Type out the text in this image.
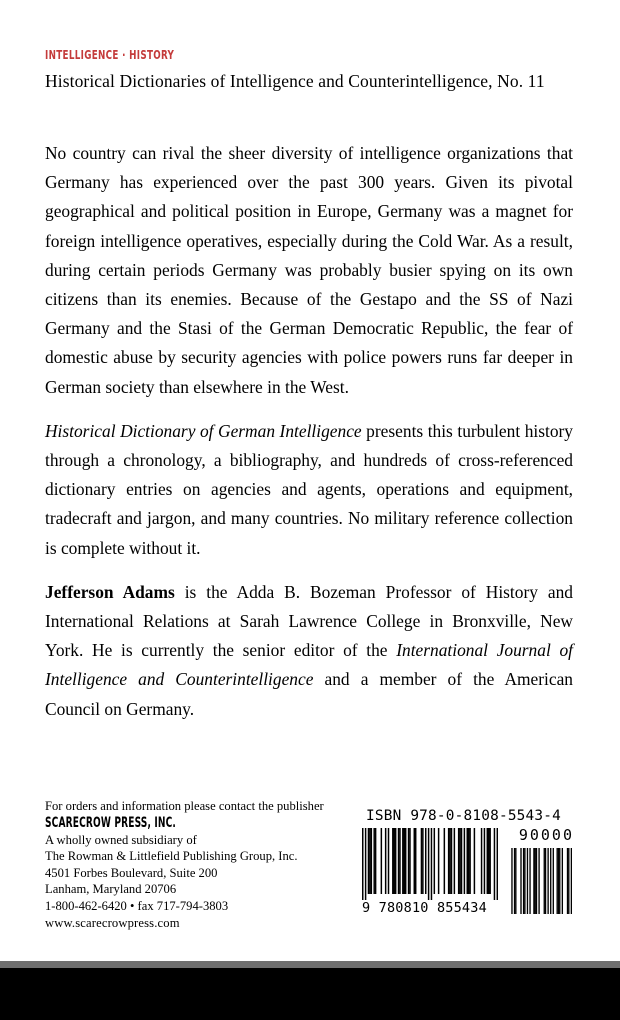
INTELLIGENCE · HISTORY
Historical Dictionaries of Intelligence and Counterintelligence, No. 11

No country can rival the sheer diversity of intelligence organizations that Germany has experienced over the past 300 years. Given its pivotal geographical and political position in Europe, Germany was a magnet for foreign intelligence operatives, especially during the Cold War. As a result, during certain periods Germany was probably busier spying on its own citizens than its enemies. Because of the Gestapo and the SS of Nazi Germany and the Stasi of the German Democratic Republic, the fear of domestic abuse by security agencies with police powers runs far deeper in German society than elsewhere in the West.

Historical Dictionary of German Intelligence presents this turbulent history through a chronology, a bibliography, and hundreds of cross-referenced dictionary entries on agencies and agents, operations and equipment, tradecraft and jargon, and many countries. No military reference collection is complete without it.

Jefferson Adams is the Adda B. Bozeman Professor of History and International Relations at Sarah Lawrence College in Bronxville, New York. He is currently the senior editor of the International Journal of Intelligence and Counterintelligence and a member of the American Council on Germany.

For orders and information please contact the publisher
SCARECROW PRESS, INC.
A wholly owned subsidiary of
The Rowman & Littlefield Publishing Group, Inc.
4501 Forbes Boulevard, Suite 200
Lanham, Maryland 20706
1-800-462-6420 • fax 717-794-3803
www.scarecrowpress.com
ISBN 978-0-8108-5543-4
90000
9 780810 855434
